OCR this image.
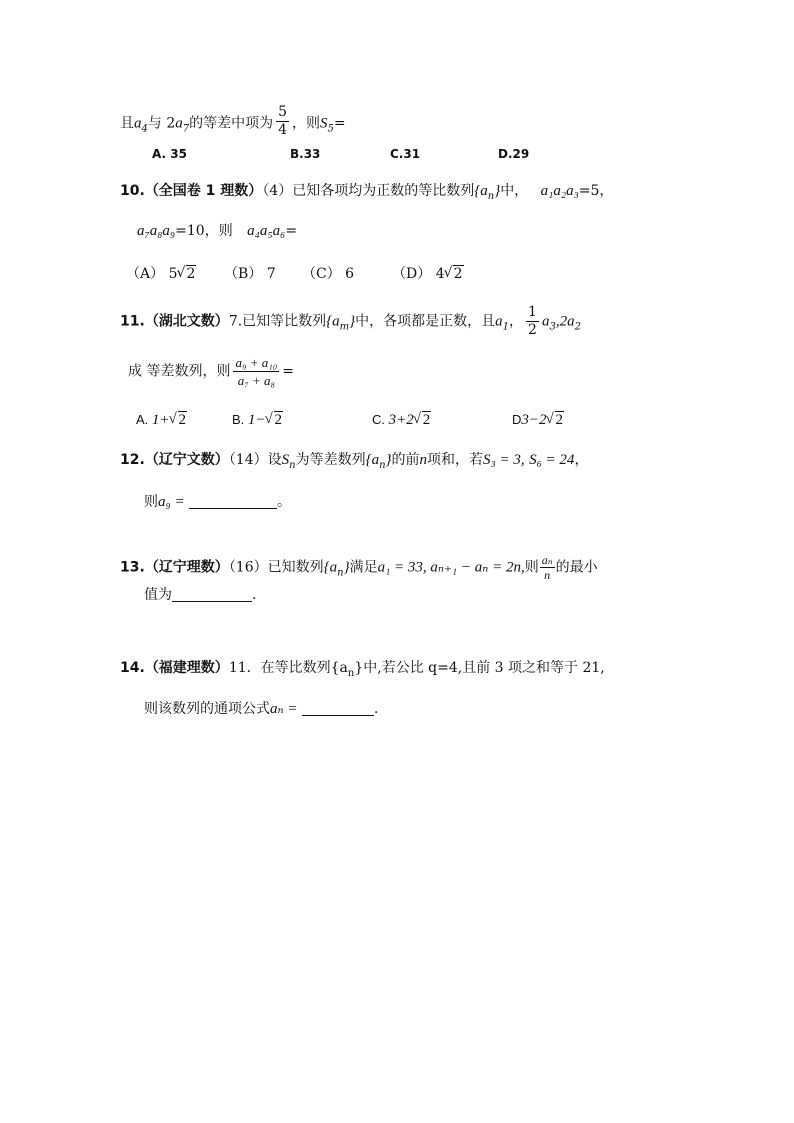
且$a_4$与 $2a_7$的等差中项为 $\frac{5}{4}$ ，则$S_5=$
A. 35	B.33	C.31	D.29
10.（全国卷 1 理数）（4）已知各项均为正数的等比数列$\{a_n\}$中， a₁a₂a₃=5，
a₇a₈a₉=10，则 a₄a₅a₆=
（A） 5 √ 2 （B） 7 （C） 6	（D） 4 √ 2
11.（湖北文数）7.已知等比数列$\{a_m\}$中，各项都是正数，且$a_1$， $\frac{1}{2} a_3,2a_2$
成 等差数列，则 $\frac{\text{a₉ + a₁₀}}{\text{a₇ + a₈}}$ =
A. 1+ √ 2	B. 1− √ 2	C. 3+2 √ 2	D3−2 √ 2
12.（辽宁文数）（14）设$S_n$为等差数列$\{a_n\}$的前n项和，若S₃ = 3, S₆ = 24，
则a₉ =	。
13.（辽宁理数）（16）已知数列$\{a_n\}$满足a₁ = 33, aₙ₊₁ − aₙ = 2n,则 $\frac{\text{aₙ}}{n}$ 的最小
值为	.
14.（福建理数）11．在等比数列$\{a_n\}$中,若公比 q=4,且前 3 项之和等于 21,
则该数列的通项公式aₙ =	.
